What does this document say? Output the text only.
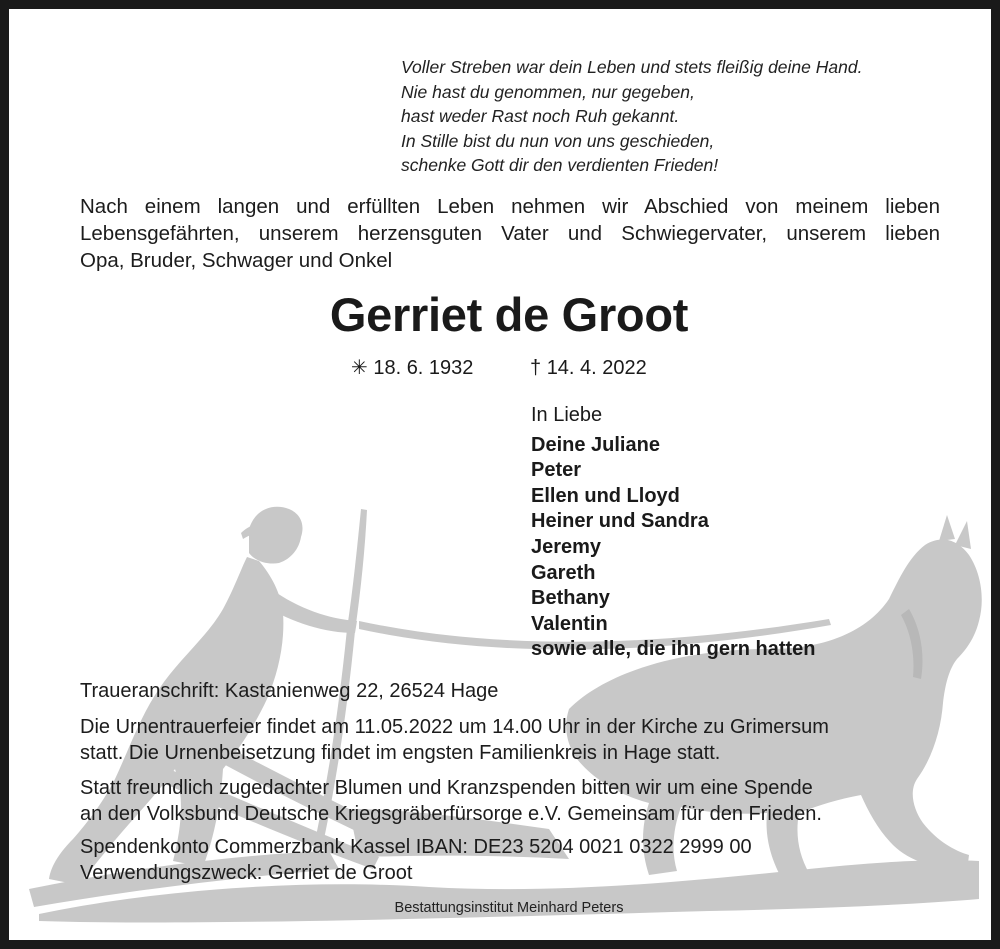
Voller Streben war dein Leben und stets fleißig deine Hand.
Nie hast du genommen, nur gegeben,
hast weder Rast noch Ruh gekannt.
In Stille bist du nun von uns geschieden,
schenke Gott dir den verdienten Frieden!
Nach einem langen und erfüllten Leben nehmen wir Abschied von meinem lieben
Lebensgefährten, unserem herzensguten Vater und Schwiegervater, unserem lieben
Opa, Bruder, Schwager und Onkel
Gerriet de Groot
✳ 18. 6. 1932	† 14. 4. 2022
In Liebe
Deine Juliane
Peter
Ellen und Lloyd
Heiner und Sandra
Jeremy
Gareth
Bethany
Valentin
sowie alle, die ihn gern hatten
Traueranschrift: Kastanienweg 22, 26524 Hage
Die Urnentrauerfeier findet am 11.05.2022 um 14.00 Uhr in der Kirche zu Grimersum
statt. Die Urnenbeisetzung findet im engsten Familienkreis in Hage statt.
Statt freundlich zugedachter Blumen und Kranzspenden bitten wir um eine Spende
an den Volksbund Deutsche Kriegsgräberfürsorge e.V. Gemeinsam für den Frieden.
Spendenkonto Commerzbank Kassel IBAN: DE23 5204 0021 0322 2999 00
Verwendungszweck: Gerriet de Groot
Bestattungsinstitut Meinhard Peters
